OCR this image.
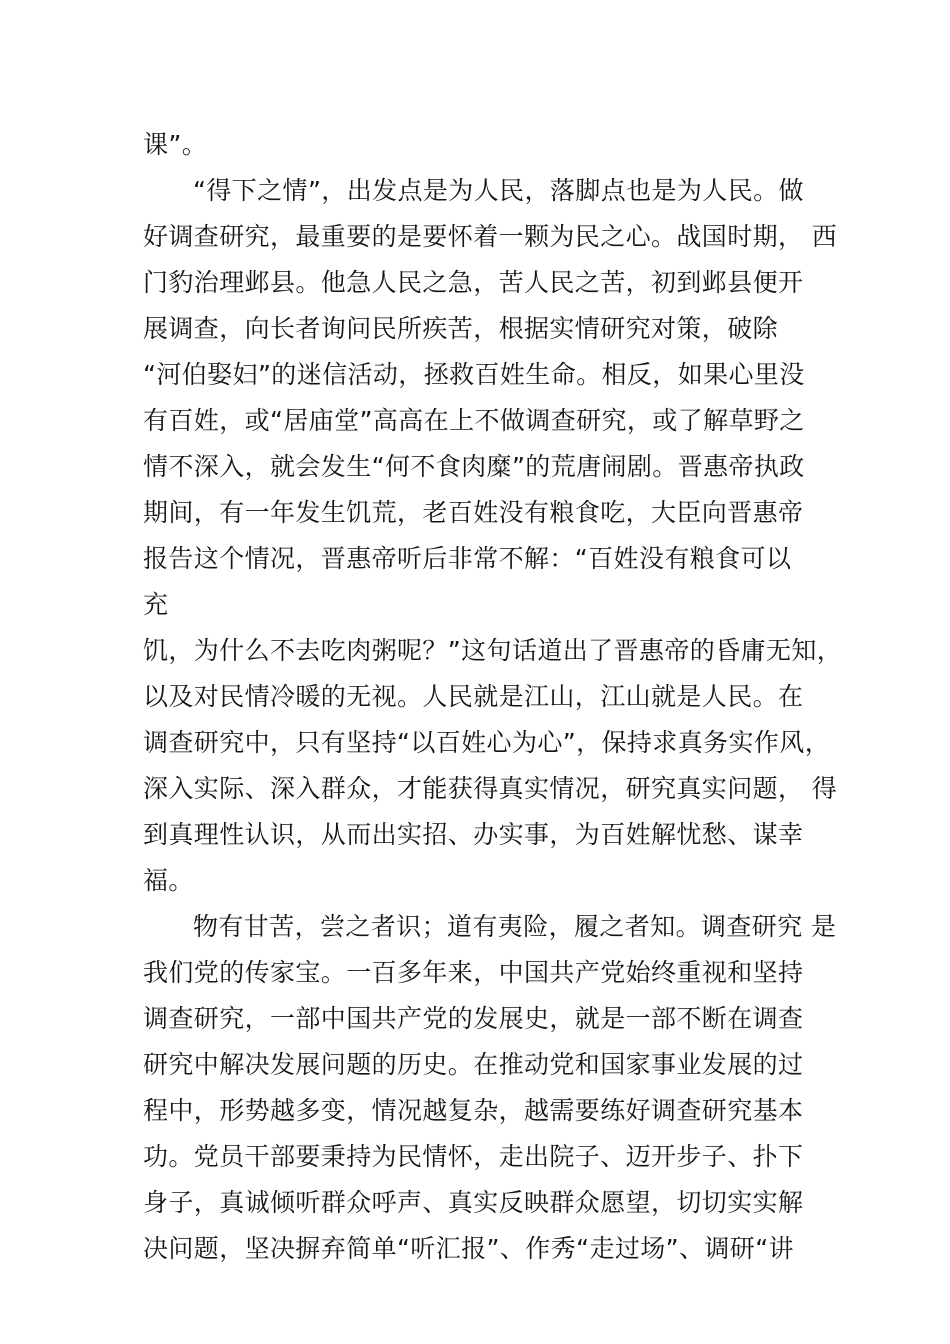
课”。

“得下之情”，出发点是为人民，落脚点也是为人民。做

好调查研究，最重要的是要怀着一颗为民之心。战国时期， 西

门豹治理邺县。他急人民之急，苦人民之苦，初到邺县便开

展调查，向长者询问民所疾苦，根据实情研究对策，破除

“河伯娶妇”的迷信活动，拯救百姓生命。相反，如果心里没

有百姓，或“居庙堂”高高在上不做调查研究，或了解草野之

情不深入，就会发生“何不食肉糜”的荒唐闹剧。晋惠帝执政

期间，有一年发生饥荒，老百姓没有粮食吃，大臣向晋惠帝

报告这个情况，晋惠帝听后非常不解：“百姓没有粮食可以

充

饥，为什么不去吃肉粥呢？”这句话道出了晋惠帝的昏庸无知，

以及对民情冷暖的无视。人民就是江山，江山就是人民。在

调查研究中，只有坚持“以百姓心为心”，保持求真务实作风，

深入实际、深入群众，才能获得真实情况，研究真实问题， 得

到真理性认识，从而出实招、办实事，为百姓解忧愁、谋幸

福。

物有甘苦，尝之者识；道有夷险，履之者知。调查研究 是

我们党的传家宝。一百多年来，中国共产党始终重视和坚持

调查研究，一部中国共产党的发展史，就是一部不断在调查

研究中解决发展问题的历史。在推动党和国家事业发展的过

程中，形势越多变，情况越复杂，越需要练好调查研究基本

功。党员干部要秉持为民情怀，走出院子、迈开步子、扑下

身子，真诚倾听群众呼声、真实反映群众愿望，切切实实解

决问题，坚决摒弃简单“听汇报”、作秀“走过场”、调研“讲
